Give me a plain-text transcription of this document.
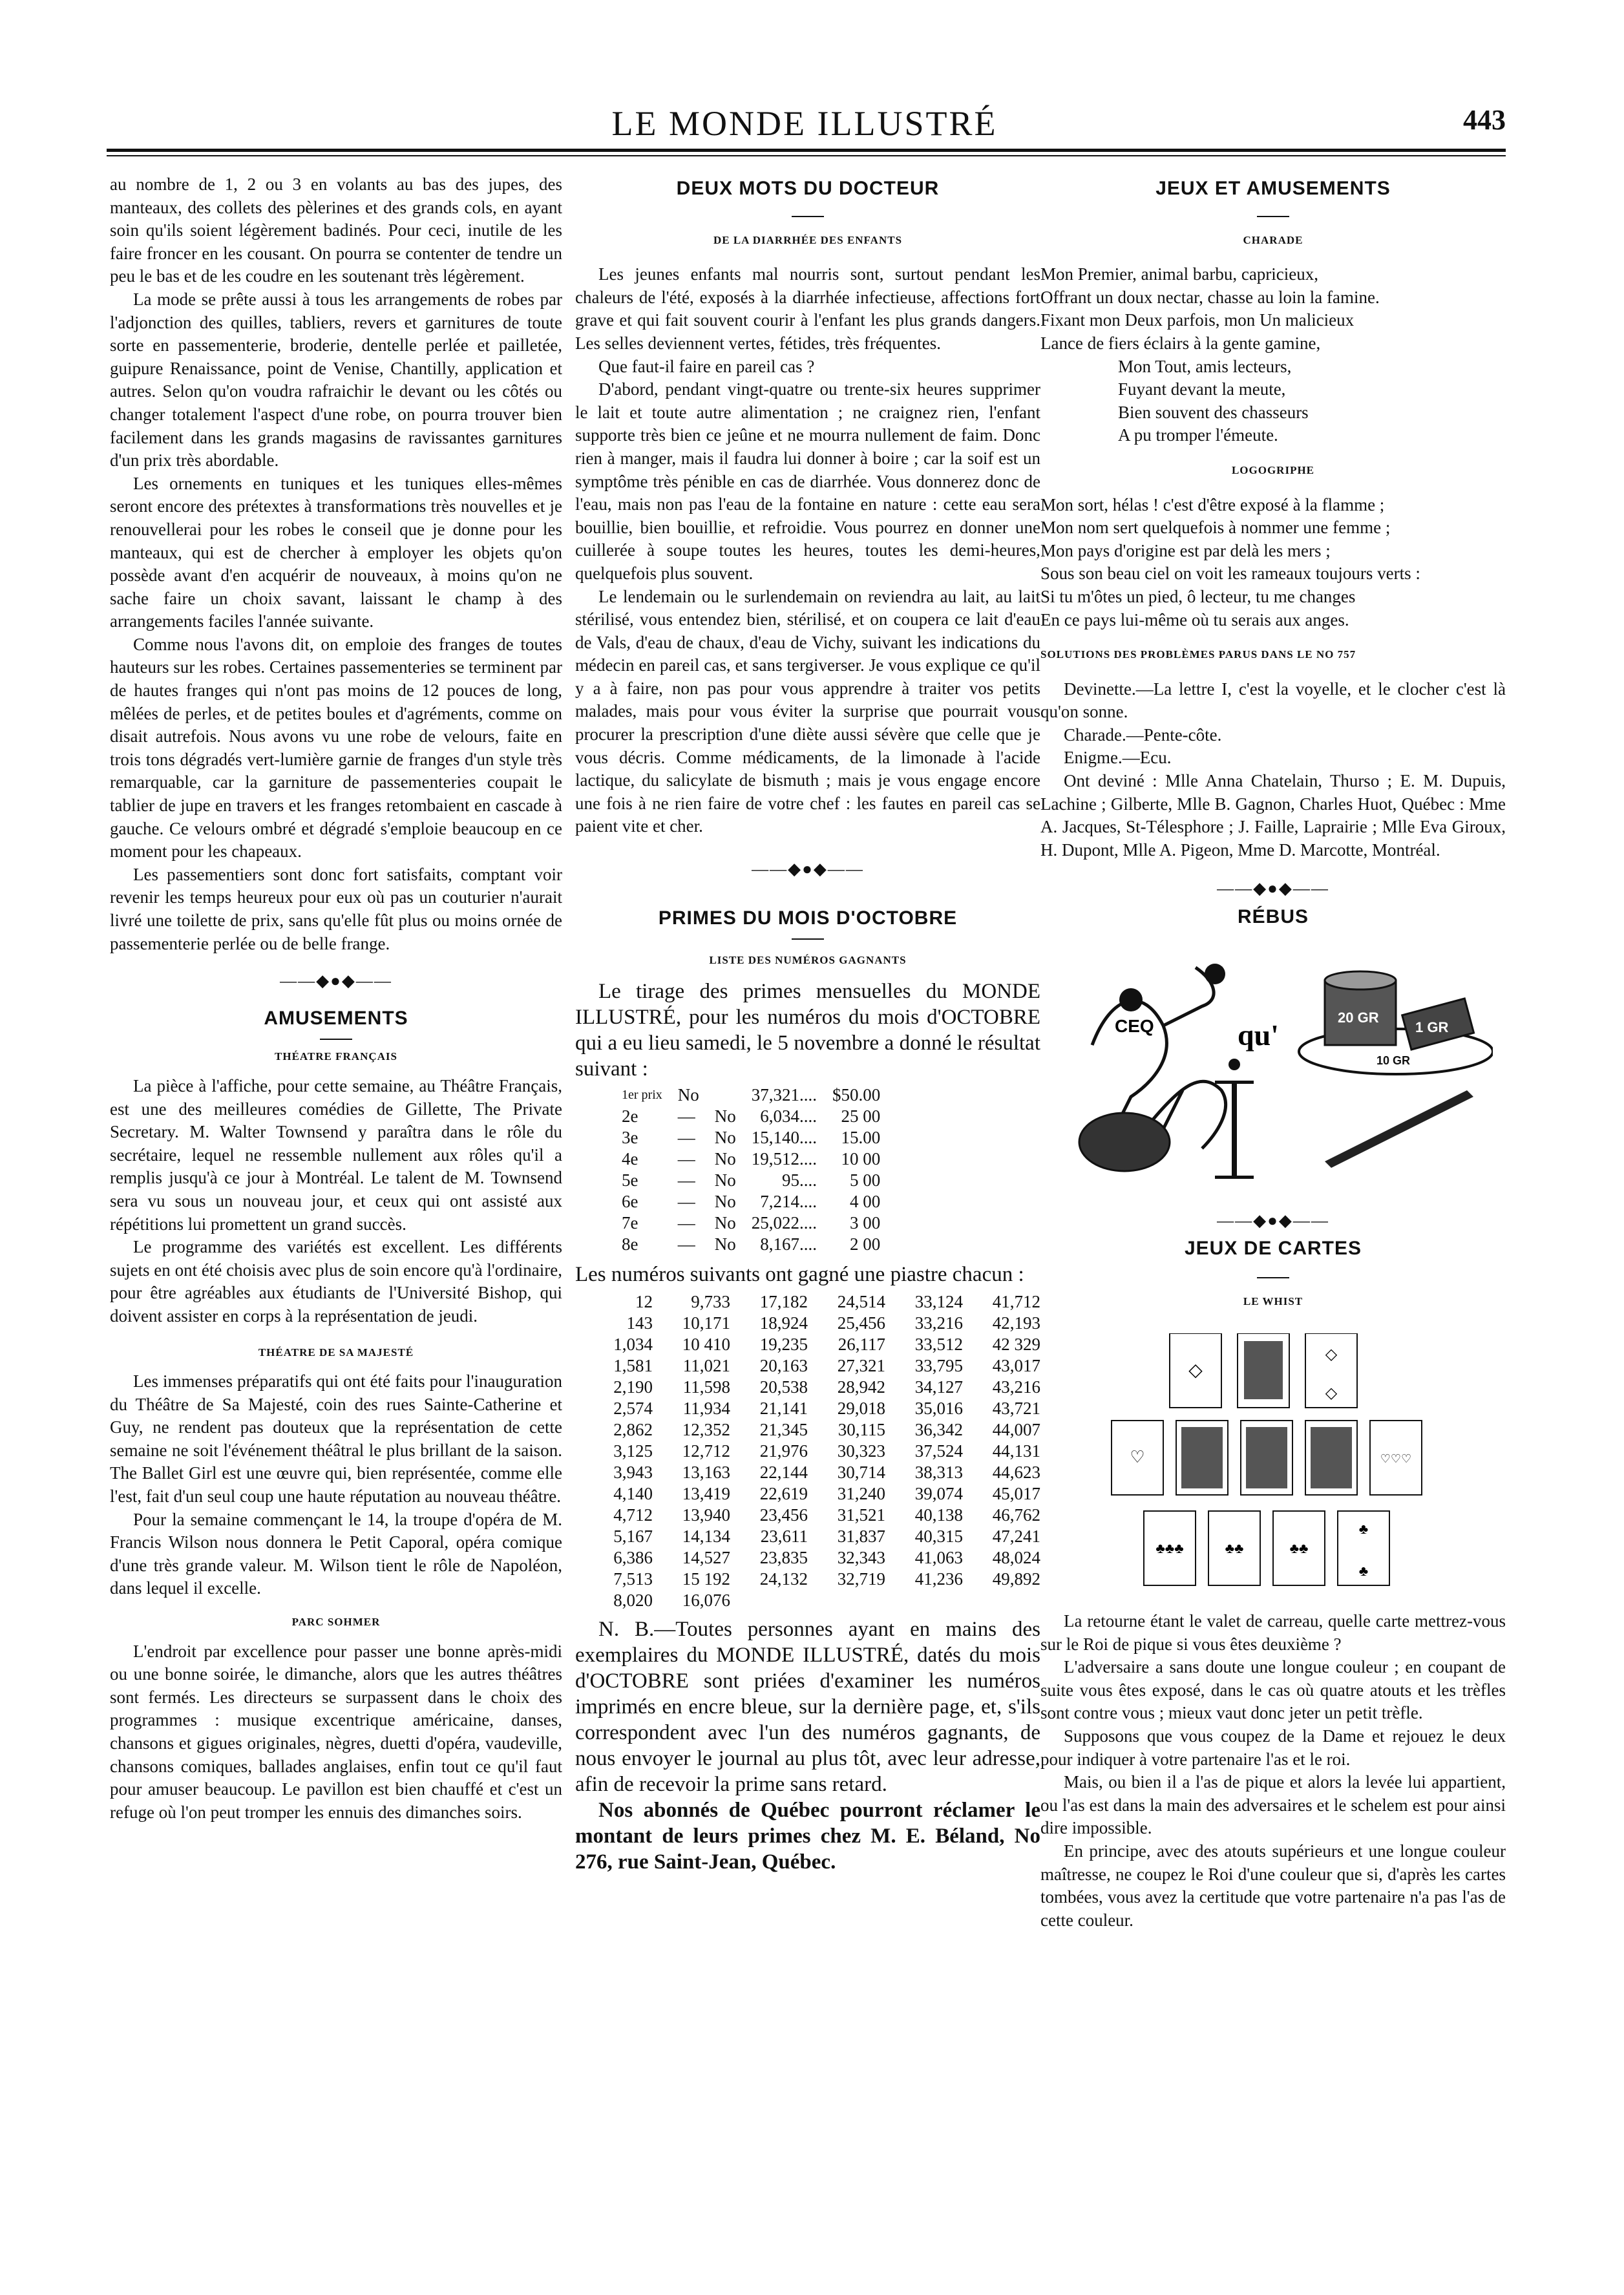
LE MONDE ILLUSTRÉ	443

au nombre de 1, 2 ou 3 en volants au bas des jupes, des manteaux, des collets des pèlerines et des grands cols, en ayant soin qu'ils soient légèrement badinés. Pour ceci, inutile de les faire froncer en les cousant. On pourra se contenter de tendre un peu le bas et de les coudre en les soutenant très légèrement.

La mode se prête aussi à tous les arrangements de robes par l'adjonction des quilles, tabliers, revers et garnitures de toute sorte en passementerie, broderie, dentelle perlée et pailletée, guipure Renaissance, point de Venise, Chantilly, application et autres. Selon qu'on voudra rafraichir le devant ou les côtés ou changer totalement l'aspect d'une robe, on pourra trouver bien facilement dans les grands magasins de ravissantes garnitures d'un prix très abordable.

Les ornements en tuniques et les tuniques elles-mêmes seront encore des prétextes à transformations très nouvelles et je renouvellerai pour les robes le conseil que je donne pour les manteaux, qui est de chercher à employer les objets qu'on possède avant d'en acquérir de nouveaux, à moins qu'on ne sache faire un choix savant, laissant le champ à des arrangements faciles l'année suivante.

Comme nous l'avons dit, on emploie des franges de toutes hauteurs sur les robes. Certaines passementeries se terminent par de hautes franges qui n'ont pas moins de 12 pouces de long, mêlées de perles, et de petites boules et d'agréments, comme on disait autrefois. Nous avons vu une robe de velours, faite en trois tons dégradés vert-lumière garnie de franges d'un style très remarquable, car la garniture de passementeries coupait le tablier de jupe en travers et les franges retombaient en cascade à gauche. Ce velours ombré et dégradé s'emploie beaucoup en ce moment pour les chapeaux.

Les passementiers sont donc fort satisfaits, comptant voir revenir les temps heureux pour eux où pas un couturier n'aurait livré une toilette de prix, sans qu'elle fût plus ou moins ornée de passementerie perlée ou de belle frange.

——◆●◆——
AMUSEMENTS
THÉATRE FRANÇAIS

La pièce à l'affiche, pour cette semaine, au Théâtre Français, est une des meilleures comédies de Gillette, The Private Secretary. M. Walter Townsend y paraîtra dans le rôle du secrétaire, lequel ne ressemble nullement aux rôles qu'il a remplis jusqu'à ce jour à Montréal. Le talent de M. Townsend sera vu sous un nouveau jour, et ceux qui ont assisté aux répétitions lui promettent un grand succès.

Le programme des variétés est excellent. Les différents sujets en ont été choisis avec plus de soin encore qu'à l'ordinaire, pour être agréables aux étudiants de l'Université Bishop, qui doivent assister en corps à la représentation de jeudi.

THÉATRE DE SA MAJESTÉ

Les immenses préparatifs qui ont été faits pour l'inauguration du Théâtre de Sa Majesté, coin des rues Sainte-Catherine et Guy, ne rendent pas douteux que la représentation de cette semaine ne soit l'événement théâtral le plus brillant de la saison. The Ballet Girl est une œuvre qui, bien représentée, comme elle l'est, fait d'un seul coup une haute réputation au nouveau théâtre.

Pour la semaine commençant le 14, la troupe d'opéra de M. Francis Wilson nous donnera le Petit Caporal, opéra comique d'une très grande valeur. M. Wilson tient le rôle de Napoléon, dans lequel il excelle.

PARC SOHMER

L'endroit par excellence pour passer une bonne après-midi ou une bonne soirée, le dimanche, alors que les autres théâtres sont fermés. Les directeurs se surpassent dans le choix des programmes : musique excentrique américaine, danses, chansons et gigues originales, nègres, duetti d'opéra, vaudeville, chansons comiques, ballades anglaises, enfin tout ce qu'il faut pour amuser beaucoup. Le pavillon est bien chauffé et c'est un refuge où l'on peut tromper les ennuis des dimanches soirs.

DEUX MOTS DU DOCTEUR
DE LA DIARRHÉE DES ENFANTS

Les jeunes enfants mal nourris sont, surtout pendant les chaleurs de l'été, exposés à la diarrhée infectieuse, affections fort grave et qui fait souvent courir à l'enfant les plus grands dangers. Les selles deviennent vertes, fétides, très fréquentes.

Que faut-il faire en pareil cas ?

D'abord, pendant vingt-quatre ou trente-six heures supprimer le lait et toute autre alimentation ; ne craignez rien, l'enfant supporte très bien ce jeûne et ne mourra nullement de faim. Donc rien à manger, mais il faudra lui donner à boire ; car la soif est un symptôme très pénible en cas de diarrhée. Vous donnerez donc de l'eau, mais non pas l'eau de la fontaine en nature : cette eau sera bouillie, bien bouillie, et refroidie. Vous pourrez en donner une cuillerée à soupe toutes les heures, toutes les demi-heures, quelquefois plus souvent.

Le lendemain ou le surlendemain on reviendra au lait, au lait stérilisé, vous entendez bien, stérilisé, et on coupera ce lait d'eau de Vals, d'eau de chaux, d'eau de Vichy, suivant les indications du médecin en pareil cas, et sans tergiverser. Je vous explique ce qu'il y a à faire, non pas pour vous apprendre à traiter vos petits malades, mais pour vous éviter la surprise que pourrait vous procurer la prescription d'une diète aussi sévère que celle que je vous décris. Comme médicaments, de la limonade à l'acide lactique, du salicylate de bismuth ; mais je vous engage encore une fois à ne rien faire de votre chef : les fautes en pareil cas se paient vite et cher.

——◆●◆——
PRIMES DU MOIS D'OCTOBRE
LISTE DES NUMÉROS GAGNANTS

Le tirage des primes mensuelles du MONDE ILLUSTRÉ, pour les numéros du mois d'OCTOBRE qui a eu lieu samedi, le 5 novembre a donné le résultat suivant :

1er prix	No		37,321....	$50.00
2e	—	No	6,034....	25 00
3e	—	No	15,140....	15.00
4e	—	No	19,512....	10 00
5e	—	No	95....	5 00
6e	—	No	7,214....	4 00
7e	—	No	25,022....	3 00
8e	—	No	8,167....	2 00

Les numéros suivants ont gagné une piastre chacun :

12	9,733	17,182	24,514	33,124	41,712
143	10,171	18,924	25,456	33,216	42,193
1,034	10 410	19,235	26,117	33,512	42 329
1,581	11,021	20,163	27,321	33,795	43,017
2,190	11,598	20,538	28,942	34,127	43,216
2,574	11,934	21,141	29,018	35,016	43,721
2,862	12,352	21,345	30,115	36,342	44,007
3,125	12,712	21,976	30,323	37,524	44,131
3,943	13,163	22,144	30,714	38,313	44,623
4,140	13,419	22,619	31,240	39,074	45,017
4,712	13,940	23,456	31,521	40,138	46,762
5,167	14,134	23,611	31,837	40,315	47,241
6,386	14,527	23,835	32,343	41,063	48,024
7,513	15 192	24,132	32,719	41,236	49,892
8,020	16,076

N. B.—Toutes personnes ayant en mains des exemplaires du MONDE ILLUSTRÉ, datés du mois d'OCTOBRE sont priées d'examiner les numéros imprimés en encre bleue, sur la dernière page, et, s'ils correspondent avec l'un des numéros gagnants, de nous envoyer le journal au plus tôt, avec leur adresse, afin de recevoir la prime sans retard.

Nos abonnés de Québec pourront réclamer le montant de leurs primes chez M. E. Béland, No 276, rue Saint-Jean, Québec.

JEUX ET AMUSEMENTS
CHARADE

Mon Premier, animal barbu, capricieux,

Offrant un doux nectar, chasse au loin la famine.

Fixant mon Deux parfois, mon Un malicieux

Lance de fiers éclairs à la gente gamine,

Mon Tout, amis lecteurs,

Fuyant devant la meute,

Bien souvent des chasseurs

A pu tromper l'émeute.

LOGOGRIPHE

Mon sort, hélas ! c'est d'être exposé à la flamme ;

Mon nom sert quelquefois à nommer une femme ;

Mon pays d'origine est par delà les mers ;

Sous son beau ciel on voit les rameaux toujours verts :

Si tu m'ôtes un pied, ô lecteur, tu me changes

En ce pays lui-même où tu serais aux anges.

SOLUTIONS DES PROBLÈMES PARUS DANS LE NO 757

Devinette.—La lettre I, c'est la voyelle, et le clocher c'est là qu'on sonne.

Charade.—Pente-côte.

Enigme.—Ecu.

Ont deviné : Mlle Anna Chatelain, Thurso ; E. M. Dupuis, Lachine ; Gilberte, Mlle B. Gagnon, Charles Huot, Québec : Mme A. Jacques, St-Télesphore ; J. Faille, Laprairie ; Mlle Eva Giroux, H. Dupont, Mlle A. Pigeon, Mme D. Marcotte, Montréal.

——◆●◆——
RÉBUS
CEQ	qu'
20 GR
1 GR
10 GR
——◆●◆——
JEUX DE CARTES
LE WHIST
◇
◇
◇
♡	♡♡♡
♣♣♣	♣♣	♣♣
♣
♣

La retourne étant le valet de carreau, quelle carte mettrez-vous sur le Roi de pique si vous êtes deuxième ?

L'adversaire a sans doute une longue couleur ; en coupant de suite vous êtes exposé, dans le cas où quatre atouts et les trèfles sont contre vous ; mieux vaut donc jeter un petit trèfle.

Supposons que vous coupez de la Dame et rejouez le deux pour indiquer à votre partenaire l'as et le roi.

Mais, ou bien il a l'as de pique et alors la levée lui appartient, ou l'as est dans la main des adversaires et le schelem est pour ainsi dire impossible.

En principe, avec des atouts supérieurs et une longue couleur maîtresse, ne coupez le Roi d'une couleur que si, d'après les cartes tombées, vous avez la certitude que votre partenaire n'a pas l'as de cette couleur.
